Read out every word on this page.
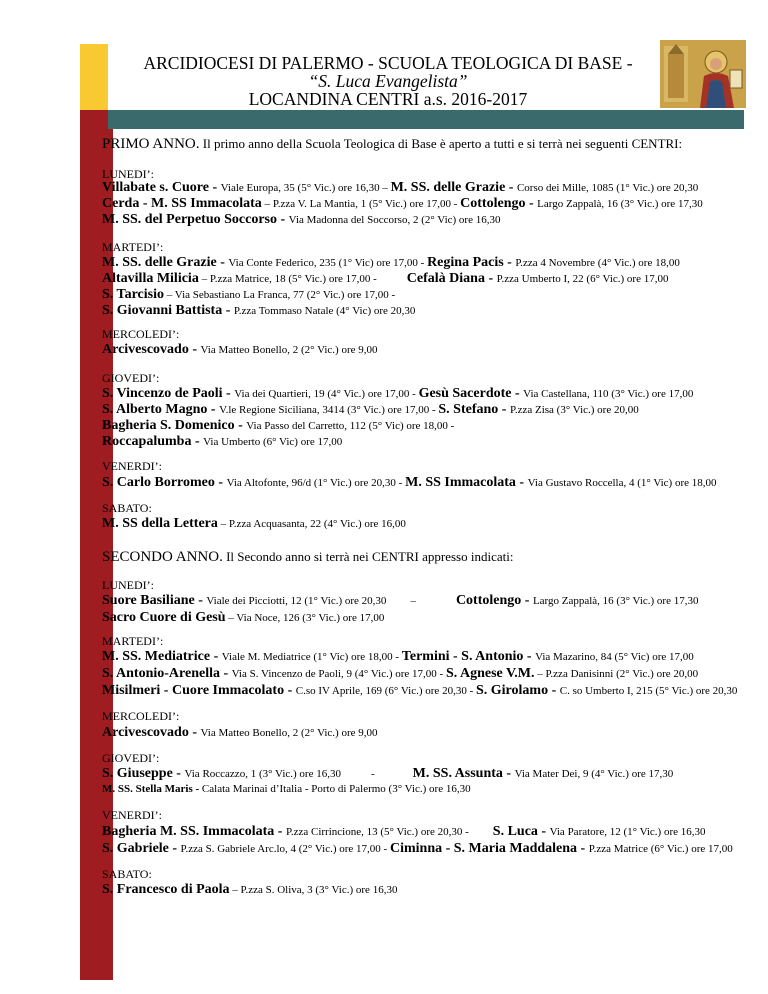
ARCIDIOCESI DI PALERMO - SCUOLA TEOLOGICA DI BASE -
“S. Luca Evangelista”
LOCANDINA CENTRI a.s. 2016-2017
PRIMO ANNO. Il primo anno della Scuola Teologica di Base è aperto a tutti e si terrà nei seguenti CENTRI:
LUNEDI’:
Villabate s. Cuore - Viale Europa, 35 (5° Vic.) ore 16,30 – M. SS. delle Grazie - Corso dei Mille, 1085 (1° Vic.) ore 20,30
Cerda - M. SS Immacolata – P.zza V. La Mantia, 1 (5° Vic.) ore 17,00 - Cottolengo - Largo Zappalà, 16 (3° Vic.) ore 17,30
M. SS. del Perpetuo Soccorso - Via Madonna del Soccorso, 2 (2° Vic) ore 16,30
MARTEDI’:
M. SS. delle Grazie - Via Conte Federico, 235 (1° Vic) ore 17,00 - Regina Pacis - P.zza 4 Novembre (4° Vic.) ore 18,00
Altavilla Milicia – P.zza Matrice, 18 (5° Vic.) ore 17,00 - Cefalà Diana - P.zza Umberto I, 22 (6° Vic.) ore 17,00
S. Tarcisio – Via Sebastiano La Franca, 77 (2° Vic.) ore 17,00 -
S. Giovanni Battista - P.zza Tommaso Natale (4° Vic) ore 20,30
MERCOLEDI’:
Arcivescovado - Via Matteo Bonello, 2 (2° Vic.) ore 9,00
GIOVEDI’:
S. Vincenzo de Paoli - Via dei Quartieri, 19 (4° Vic.) ore 17,00 - Gesù Sacerdote - Via Castellana, 110 (3° Vic.) ore 17,00
S. Alberto Magno - V.le Regione Siciliana, 3414 (3° Vic.) ore 17,00 - S. Stefano - P.zza Zisa (3° Vic.) ore 20,00
Bagheria S. Domenico - Via Passo del Carretto, 112 (5° Vic) ore 18,00 -
Roccapalumba - Via Umberto (6° Vic) ore 17,00
VENERDI’:
S. Carlo Borromeo - Via Altofonte, 96/d (1° Vic.) ore 20,30 - M. SS Immacolata - Via Gustavo Roccella, 4 (1° Vic) ore 18,00
SABATO:
M. SS della Lettera – P.zza Acquasanta, 22 (4° Vic.) ore 16,00
SECONDO ANNO. Il Secondo anno si terrà nei CENTRI appresso indicati:
LUNEDI’:
Suore Basiliane - Viale dei Picciotti, 12 (1° Vic.) ore 20,30 –	Cottolengo - Largo Zappalà, 16 (3° Vic.) ore 17,30
Sacro Cuore di Gesù – Via Noce, 126 (3° Vic.) ore 17,00
MARTEDI’:
M. SS. Mediatrice - Viale M. Mediatrice (1° Vic) ore 18,00 - Termini - S. Antonio - Via Mazarino, 84 (5° Vic) ore 17,00
S. Antonio-Arenella - Via S. Vincenzo de Paoli, 9 (4° Vic.) ore 17,00 - S. Agnese V.M. – P.zza Danisinni (2° Vic.) ore 20,00
Misilmeri - Cuore Immacolato - C.so IV Aprile, 169 (6° Vic.) ore 20,30 - S. Girolamo - C. so Umberto I, 215 (5° Vic.) ore 20,30
MERCOLEDI’:
Arcivescovado - Via Matteo Bonello, 2 (2° Vic.) ore 9,00
GIOVEDI’:
S. Giuseppe - Via Roccazzo, 1 (3° Vic.) ore 16,30	-	M. SS. Assunta - Via Mater Dei, 9 (4° Vic.) ore 17,30
M. SS. Stella Maris - Calata Marinai d’Italia - Porto di Palermo (3° Vic.) ore 16,30
VENERDI’:
Bagheria M. SS. Immacolata - P.zza Cirrincione, 13 (5° Vic.) ore 20,30 - S. Luca - Via Paratore, 12 (1° Vic.) ore 16,30
S. Gabriele - P.zza S. Gabriele Arc.lo, 4 (2° Vic.) ore 17,00 - Ciminna - S. Maria Maddalena - P.zza Matrice (6° Vic.) ore 17,00
SABATO:
S. Francesco di Paola – P.zza S. Oliva, 3 (3° Vic.) ore 16,30
